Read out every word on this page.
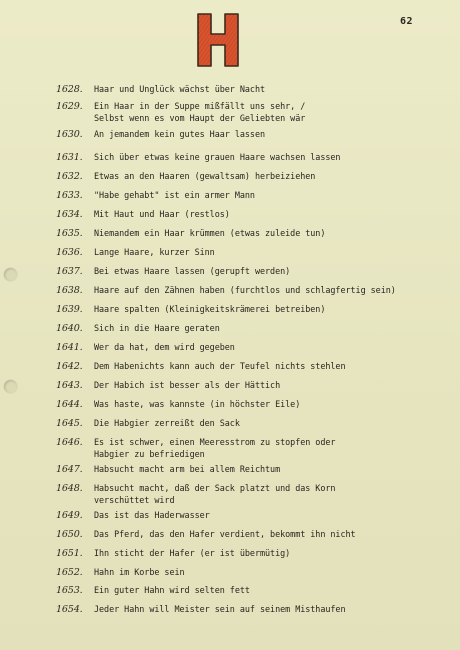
62
1628.	Haar und Unglück wächst über Nacht
1629.	Ein Haar in der Suppe mißfällt uns sehr, /
Selbst wenn es vom Haupt der Geliebten wär
1630.	An jemandem kein gutes Haar lassen
1631.	Sich über etwas keine grauen Haare wachsen lassen
1632.	Etwas an den Haaren (gewaltsam) herbeiziehen
1633.	"Habe gehabt" ist ein armer Mann
1634.	Mit Haut und Haar (restlos)
1635.	Niemandem ein Haar krümmen (etwas zuleide tun)
1636.	Lange Haare, kurzer Sinn
1637.	Bei etwas Haare lassen (gerupft werden)
1638.	Haare auf den Zähnen haben (furchtlos und schlagfertig sein)
1639.	Haare spalten (Kleinigkeitskrämerei betreiben)
1640.	Sich in die Haare geraten
1641.	Wer da hat, dem wird gegeben
1642.	Dem Habenichts kann auch der Teufel nichts stehlen
1643.	Der Habich ist besser als der Hättich
1644.	Was haste, was kannste (in höchster Eile)
1645.	Die Habgier zerreißt den Sack
1646.	Es ist schwer, einen Meeresstrom zu stopfen oder
Habgier zu befriedigen
1647.	Habsucht macht arm bei allem Reichtum
1648.	Habsucht macht, daß der Sack platzt und das Korn
verschüttet wird
1649.	Das ist das Haderwasser
1650.	Das Pferd, das den Hafer verdient, bekommt ihn nicht
1651.	Ihn sticht der Hafer (er ist übermütig)
1652.	Hahn im Korbe sein
1653.	Ein guter Hahn wird selten fett
1654.	Jeder Hahn will Meister sein auf seinem Misthaufen
